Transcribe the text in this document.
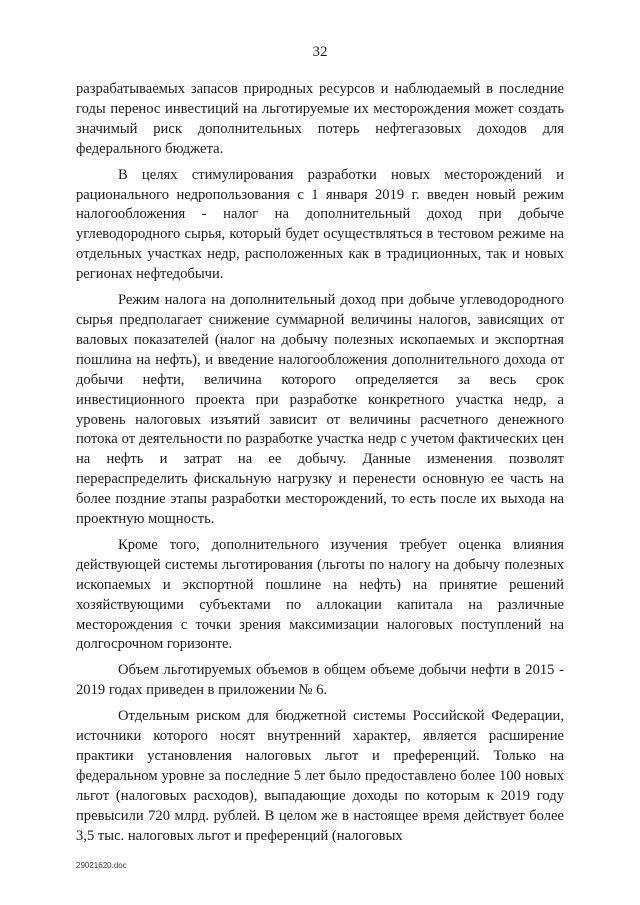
32

разрабатываемых запасов природных ресурсов и наблюдаемый в последние годы перенос инвестиций на льготируемые их месторождения может создать значимый риск дополнительных потерь нефтегазовых доходов для федерального бюджета.

В целях стимулирования разработки новых месторождений и рационального недропользования с 1 января 2019 г. введен новый режим налогообложения - налог на дополнительный доход при добыче углеводородного сырья, который будет осуществляться в тестовом режиме на отдельных участках недр, расположенных как в традиционных, так и новых регионах нефтедобычи.

Режим налога на дополнительный доход при добыче углеводородного сырья предполагает снижение суммарной величины налогов, зависящих от валовых показателей (налог на добычу полезных ископаемых и экспортная пошлина на нефть), и введение налогообложения дополнительного дохода от добычи нефти, величина которого определяется за весь срок инвестиционного проекта при разработке конкретного участка недр, а уровень налоговых изъятий зависит от величины расчетного денежного потока от деятельности по разработке участка недр с учетом фактических цен на нефть и затрат на ее добычу. Данные изменения позволят перераспределить фискальную нагрузку и перенести основную ее часть на более поздние этапы разработки месторождений, то есть после их выхода на проектную мощность.

Кроме того, дополнительного изучения требует оценка влияния действующей системы льготирования (льготы по налогу на добычу полезных ископаемых и экспортной пошлине на нефть) на принятие решений хозяйствующими субъектами по аллокации капитала на различные месторождения с точки зрения максимизации налоговых поступлений на долгосрочном горизонте.

Объем льготируемых объемов в общем объеме добычи нефти в 2015 - 2019 годах приведен в приложении № 6.

Отдельным риском для бюджетной системы Российской Федерации, источники которого носят внутренний характер, является расширение практики установления налоговых льгот и преференций. Только на федеральном уровне за последние 5 лет было предоставлено более 100 новых льгот (налоговых расходов), выпадающие доходы по которым к 2019 году превысили 720 млрд. рублей. В целом же в настоящее время действует более 3,5 тыс. налоговых льгот и преференций (налоговых

29021620.doc
